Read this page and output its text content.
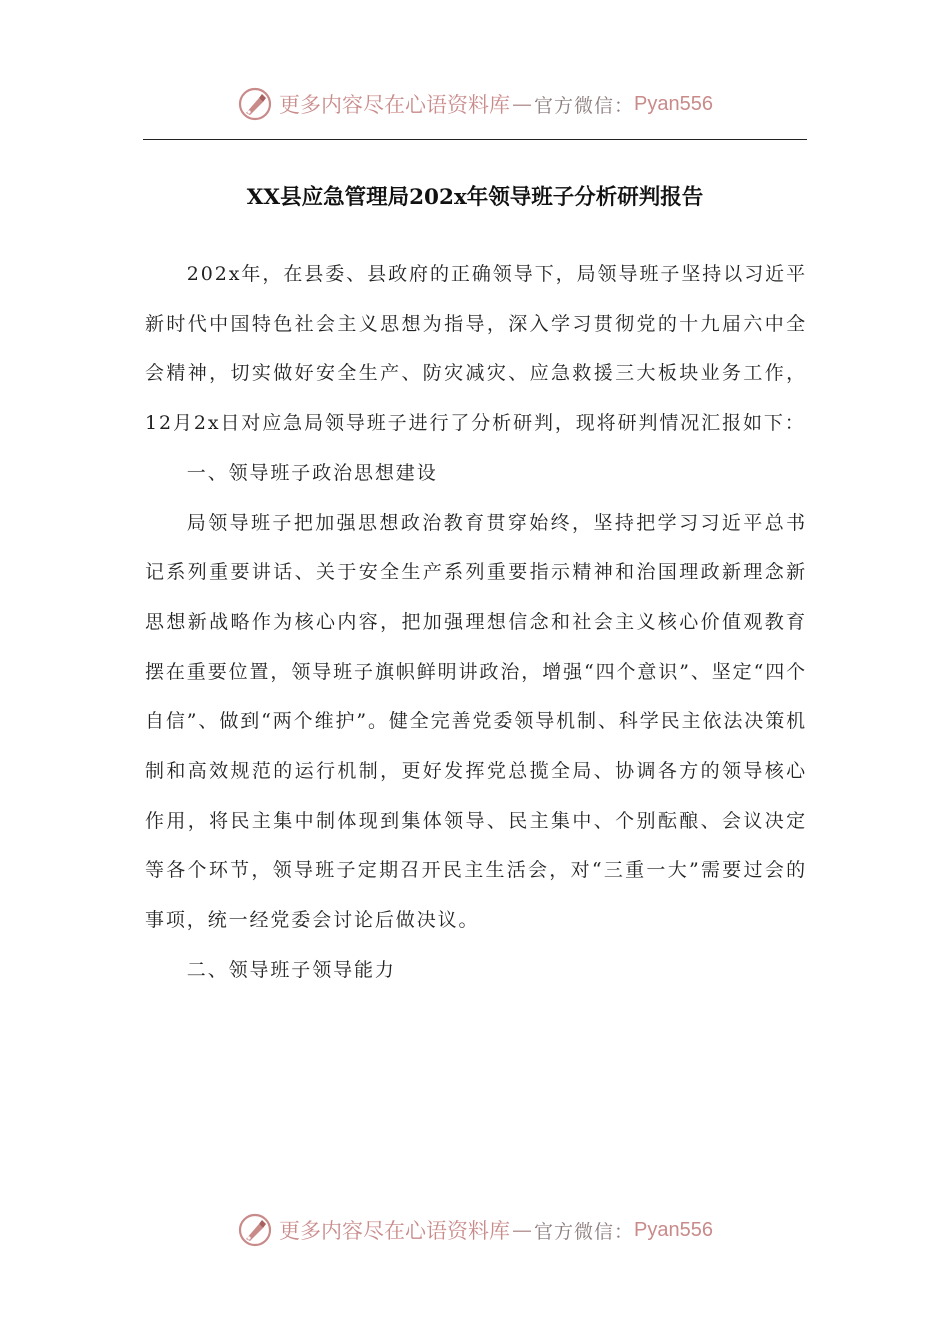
更多内容尽在心语资料库 — 官方微信： Pyan556
XX县应急管理局202x年领导班子分析研判报告

202x年，在县委、县政府的正确领导下，局领导班子坚持以习近平新时代中国特色社会主义思想为指导，深入学习贯彻党的十九届六中全会精神，切实做好安全生产、防灾减灾、应急救援三大板块业务工作，12月2x日对应急局领导班子进行了分析研判，现将研判情况汇报如下：

一、领导班子政治思想建设

局领导班子把加强思想政治教育贯穿始终，坚持把学习习近平总书记系列重要讲话、关于安全生产系列重要指示精神和治国理政新理念新思想新战略作为核心内容，把加强理想信念和社会主义核心价值观教育摆在重要位置，领导班子旗帜鲜明讲政治，增强“四个意识”、坚定“四个自信”、做到“两个维护”。健全完善党委领导机制、科学民主依法决策机制和高效规范的运行机制，更好发挥党总揽全局、协调各方的领导核心作用，将民主集中制体现到集体领导、民主集中、个别酝酿、会议决定等各个环节，领导班子定期召开民主生活会，对“三重一大”需要过会的事项，统一经党委会讨论后做决议。

二、领导班子领导能力

更多内容尽在心语资料库 — 官方微信： Pyan556
